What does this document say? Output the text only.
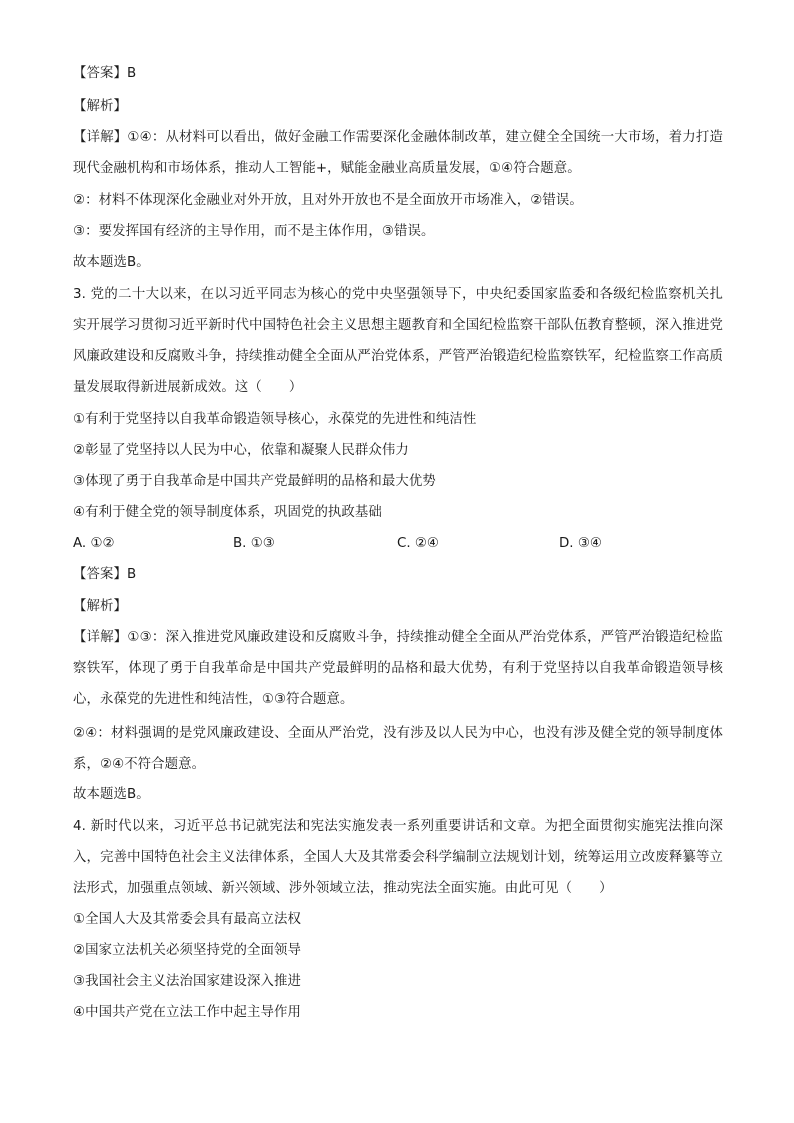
【答案】B
【解析】
【详解】①④：从材料可以看出，做好金融工作需要深化金融体制改革，建立健全全国统一大市场，着力打造现代金融机构和市场体系，推动人工智能+，赋能金融业高质量发展，①④符合题意。
②：材料不体现深化金融业对外开放，且对外开放也不是全面放开市场准入，②错误。
③：要发挥国有经济的主导作用，而不是主体作用，③错误。
故本题选B。
3. 党的二十大以来，在以习近平同志为核心的党中央坚强领导下，中央纪委国家监委和各级纪检监察机关扎实开展学习贯彻习近平新时代中国特色社会主义思想主题教育和全国纪检监察干部队伍教育整顿，深入推进党风廉政建设和反腐败斗争，持续推动健全全面从严治党体系，严管严治锻造纪检监察铁军，纪检监察工作高质量发展取得新进展新成效。这（　　）
①有利于党坚持以自我革命锻造领导核心，永葆党的先进性和纯洁性
②彰显了党坚持以人民为中心，依靠和凝聚人民群众伟力
③体现了勇于自我革命是中国共产党最鲜明的品格和最大优势
④有利于健全党的领导制度体系，巩固党的执政基础
A. ①②	B. ①③	C. ②④	D. ③④
【答案】B
【解析】
【详解】①③：深入推进党风廉政建设和反腐败斗争，持续推动健全全面从严治党体系，严管严治锻造纪检监察铁军，体现了勇于自我革命是中国共产党最鲜明的品格和最大优势，有利于党坚持以自我革命锻造领导核心，永葆党的先进性和纯洁性，①③符合题意。
②④：材料强调的是党风廉政建设、全面从严治党，没有涉及以人民为中心，也没有涉及健全党的领导制度体系，②④不符合题意。
故本题选B。
4. 新时代以来，习近平总书记就宪法和宪法实施发表一系列重要讲话和文章。为把全面贯彻实施宪法推向深入，完善中国特色社会主义法律体系，全国人大及其常委会科学编制立法规划计划，统筹运用立改废释纂等立法形式，加强重点领域、新兴领域、涉外领域立法，推动宪法全面实施。由此可见（　　）
①全国人大及其常委会具有最高立法权
②国家立法机关必须坚持党的全面领导
③我国社会主义法治国家建设深入推进
④中国共产党在立法工作中起主导作用
